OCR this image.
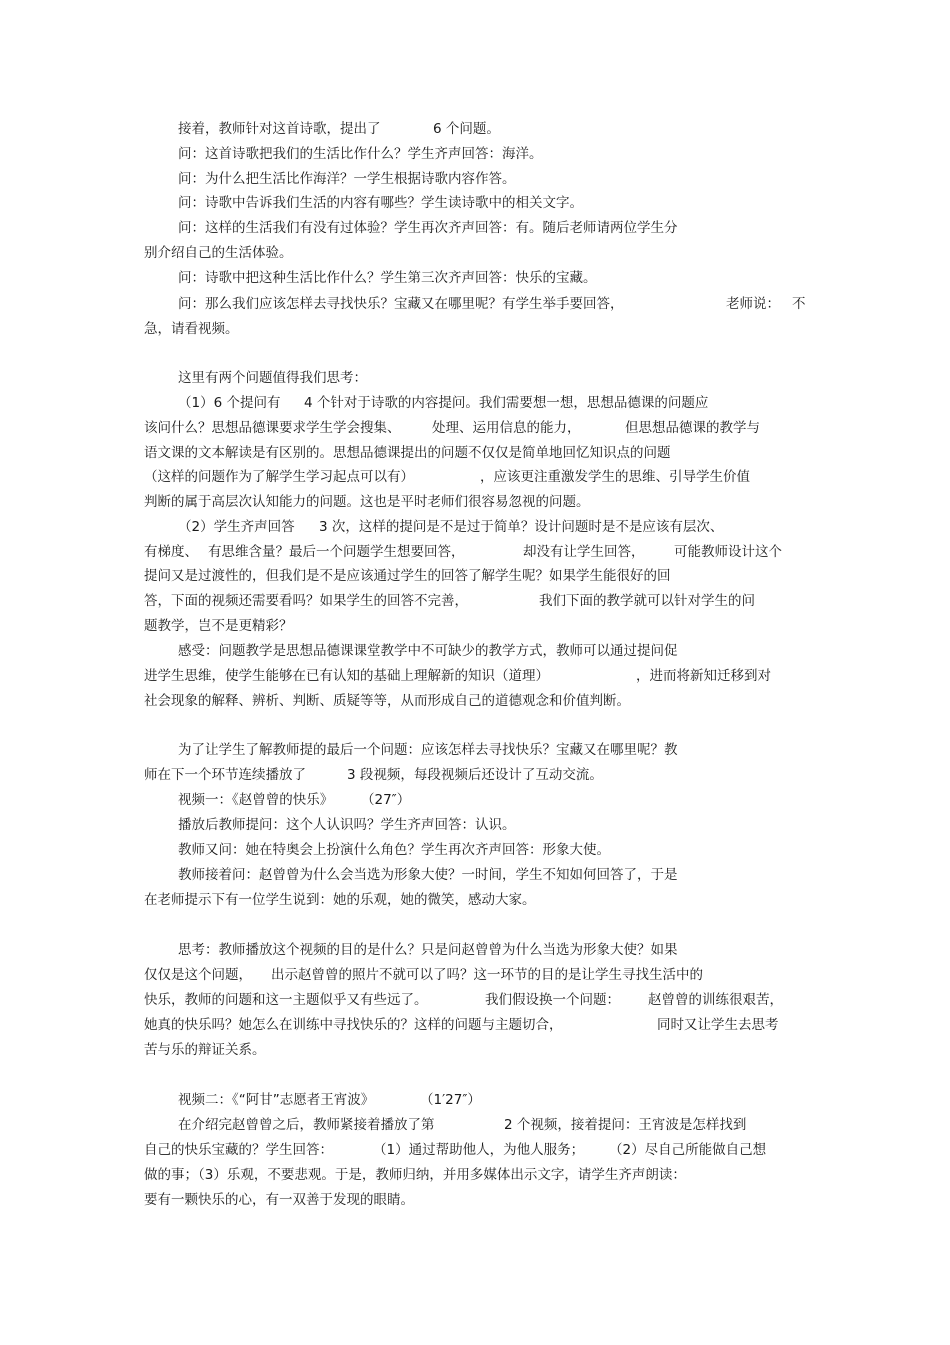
接着，教师针对这首诗歌，提出了

	6 个问题。

问：这首诗歌把我们的生活比作什么？学生齐声回答：海洋。

问：为什么把生活比作海洋？一学生根据诗歌内容作答。

问：诗歌中告诉我们生活的内容有哪些？学生读诗歌中的相关文字。

问：这样的生活我们有没有过体验？学生再次齐声回答：有。随后老师请两位学生分

别介绍自己的生活体验。

问：诗歌中把这种生活比作什么？学生第三次齐声回答：快乐的宝藏。

问：那么我们应该怎样去寻找快乐？宝藏又在哪里呢？有学生举手要回答，

	老师说：

不

急，请看视频。

这里有两个问题值得我们思考：

（1）6 个提问有

4 个针对于诗歌的内容提问。我们需要想一想，思想品德课的问题应

该问什么？思想品德课要求学生学会搜集、

处理、运用信息的能力，

	但思想品德课的教学与

语文课的文本解读是有区别的。思想品德课提出的问题不仅仅是简单地回忆知识点的问题

（这样的问题作为了解学生学习起点可以有）

	，应该更注重激发学生的思维、引导学生价值

判断的属于高层次认知能力的问题。这也是平时老师们很容易忽视的问题。

（2）学生齐声回答

3 次，这样的提问是不是过于简单？设计问题时是不是应该有层次、

有梯度、

有思维含量？最后一个问题学生想要回答，

	却没有让学生回答，

可能教师设计这个

提问又是过渡性的，但我们是不是应该通过学生的回答了解学生呢？如果学生能很好的回

答，下面的视频还需要看吗？如果学生的回答不完善，

	我们下面的教学就可以针对学生的问

题教学，岂不是更精彩？

感受：问题教学是思想品德课课堂教学中不可缺少的教学方式，教师可以通过提问促

进学生思维，使学生能够在已有认知的基础上理解新的知识（道理）

	，进而将新知迁移到对

社会现象的解释、辨析、判断、质疑等等，从而形成自己的道德观念和价值判断。

为了让学生了解教师提的最后一个问题：应该怎样去寻找快乐？宝藏又在哪里呢？教

师在下一个环节连续播放了

	3 段视频，每段视频后还设计了互动交流。

视频一：《赵曾曾的快乐》

（27″）

播放后教师提问：这个人认识吗？学生齐声回答：认识。

教师又问：她在特奥会上扮演什么角色？学生再次齐声回答：形象大使。

教师接着问：赵曾曾为什么会当选为形象大使？一时间，学生不知如何回答了，于是

在老师提示下有一位学生说到：她的乐观，她的微笑，感动大家。

思考：教师播放这个视频的目的是什么？只是问赵曾曾为什么当选为形象大使？如果

仅仅是这个问题，

出示赵曾曾的照片不就可以了吗？这一环节的目的是让学生寻找生活中的

快乐，教师的问题和这一主题似乎又有些远了。

	我们假设换一个问题：

赵曾曾的训练很艰苦，

她真的快乐吗？她怎么在训练中寻找快乐的？这样的问题与主题切合，

	同时又让学生去思考

苦与乐的辩证关系。

视频二：《“阿甘”志愿者王宵波》

	（1′27″）

在介绍完赵曾曾之后，教师紧接着播放了第

	2 个视频，接着提问：王宵波是怎样找到

自己的快乐宝藏的？学生回答：

	（1）通过帮助他人，为他人服务；

（2）尽自己所能做自己想

做的事；（3）乐观，不要悲观。于是，教师归纳，并用多媒体出示文字，请学生齐声朗读：

要有一颗快乐的心，有一双善于发现的眼睛。
